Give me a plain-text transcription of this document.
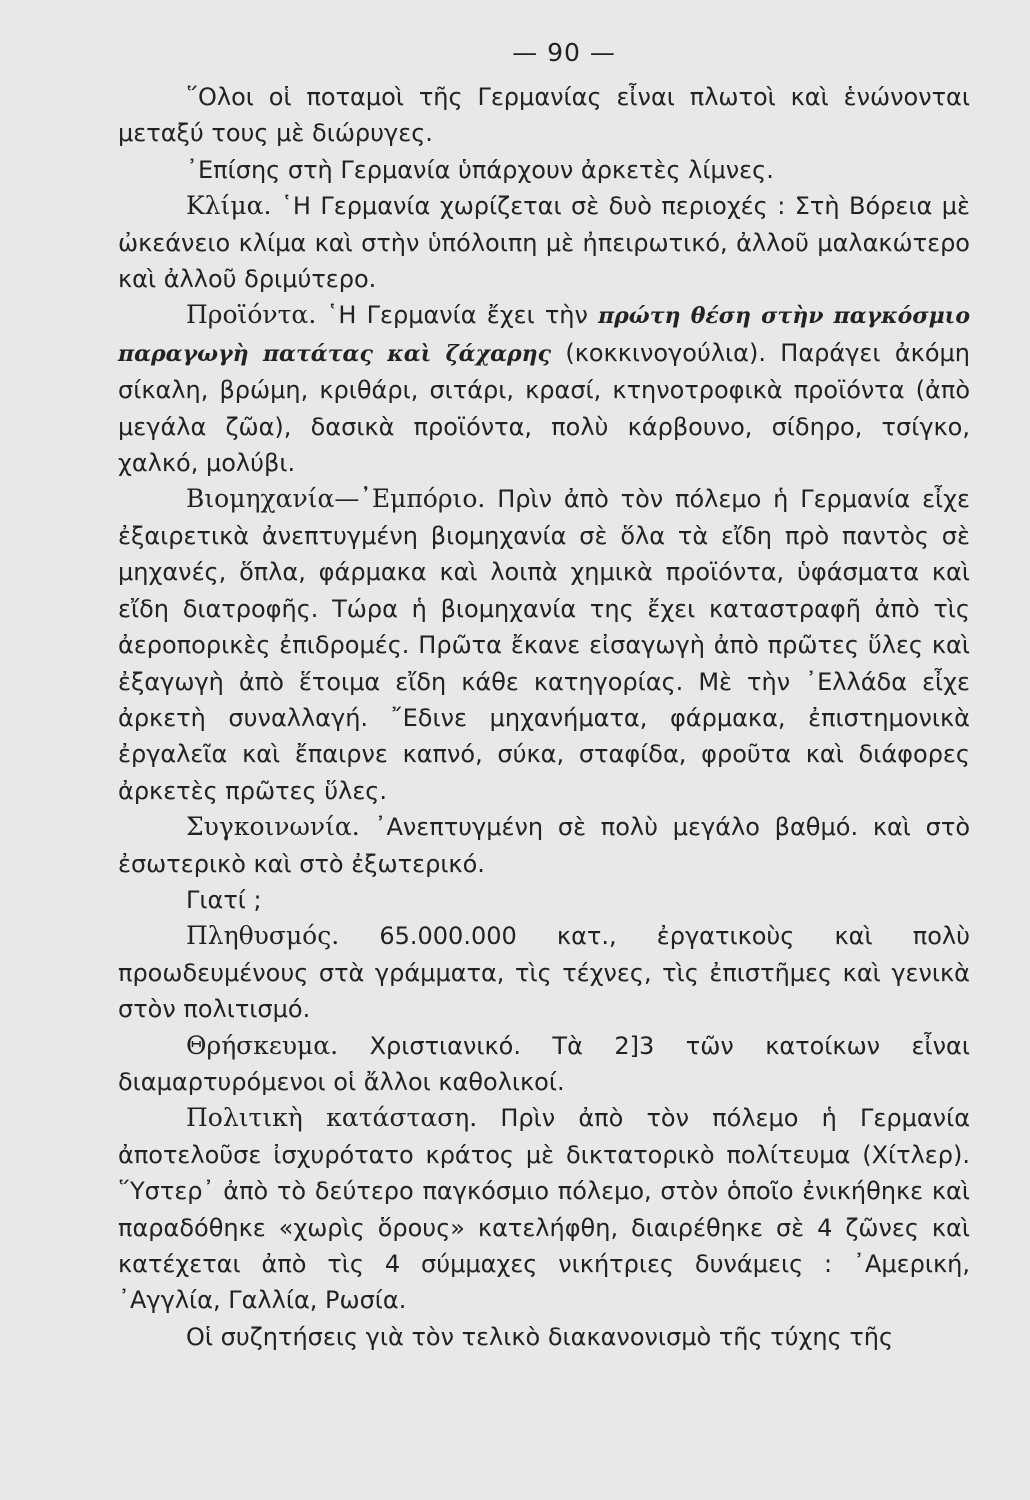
— 90 —

῞Ολοι οἱ ποταμοὶ τῆς Γερμανίας εἶναι πλωτοὶ καὶ ἑνώνονται μεταξύ τους μὲ διώρυγες.

᾽Επίσης στὴ Γερμανία ὑπάρχουν ἀρκετὲς λίμνες.

Κλίμα. ῾Η Γερμανία χωρίζεται σὲ δυὸ περιοχές : Στὴ Βόρεια μὲ ὠκεάνειο κλίμα καὶ στὴν ὑπόλοιπη μὲ ἠπειρωτικό, ἀλλοῦ μαλακώτερο καὶ ἀλλοῦ δριμύτερο.

Προϊόντα. ῾Η Γερμανία ἔχει τὴν πρώτη θέση στὴν παγκόσμιο παραγωγὴ πατάτας καὶ ζάχαρης (κοκκινογούλια). Παράγει ἀκόμη σίκαλη, βρώμη, κριθάρι, σιτάρι, κρασί, κτηνοτροφικὰ προϊόντα (ἀπὸ μεγάλα ζῶα), δασικὰ προϊόντα, πολὺ κάρβουνο, σίδηρο, τσίγκο, χαλκό, μολύβι.

Βιομηχανία—᾽Εμπόριο. Πρὶν ἀπὸ τὸν πόλεμο ἡ Γερμανία εἶχε ἐξαιρετικὰ ἀνεπτυγμένη βιομηχανία σὲ ὅλα τὰ εἴδη πρὸ παντὸς σὲ μηχανές, ὅπλα, φάρμακα καὶ λοιπὰ χημικὰ προϊόντα, ὑφάσματα καὶ εἴδη διατροφῆς. Τώρα ἡ βιομηχανία της ἔχει καταστραφῆ ἀπὸ τὶς ἀεροπορικὲς ἐπιδρομές. Πρῶτα ἔκανε εἰσαγωγὴ ἀπὸ πρῶτες ὕλες καὶ ἐξαγωγὴ ἀπὸ ἕτοιμα εἴδη κάθε κατηγορίας. Μὲ τὴν ᾽Ελλάδα εἶχε ἀρκετὴ συναλλαγή. ῎Εδινε μηχανήματα, φάρμακα, ἐπιστημονικὰ ἐργαλεῖα καὶ ἔπαιρνε καπνό, σύκα, σταφίδα, φροῦτα καὶ διάφορες ἀρκετὲς πρῶτες ὕλες.

Συγκοινωνία. ᾽Ανεπτυγμένη σὲ πολὺ μεγάλο βαθμό. καὶ στὸ ἐσωτερικὸ καὶ στὸ ἐξωτερικό.

Γιατί ;

Πληθυσμός. 65.000.000 κατ., ἐργατικοὺς καὶ πολὺ προωδευμένους στὰ γράμματα, τὶς τέχνες, τὶς ἐπιστῆμες καὶ γενικὰ στὸν πολιτισμό.

Θρήσκευμα. Χριστιανικό. Τὰ 2]3 τῶν κατοίκων εἶναι διαμαρτυρόμενοι οἱ ἄλλοι καθολικοί.

Πολιτικὴ κατάσταση. Πρὶν ἀπὸ τὸν πόλεμο ἡ Γερμανία ἀποτελοῦσε ἰσχυρότατο κράτος μὲ δικτατορικὸ πολίτευμα (Χίτλερ). ῞Υστερ᾽ ἀπὸ τὸ δεύτερο παγκόσμιο πόλεμο, στὸν ὁποῖο ἐνικήθηκε καὶ παραδόθηκε «χωρὶς ὅρους» κατελήφθη, διαιρέθηκε σὲ 4 ζῶνες καὶ κατέχεται ἀπὸ τὶς 4 σύμμαχες νικήτριες δυνάμεις : ᾽Αμερική, ᾽Αγγλία, Γαλλία, Ρωσία.

Οἱ συζητήσεις γιὰ τὸν τελικὸ διακανονισμὸ τῆς τύχης τῆς
